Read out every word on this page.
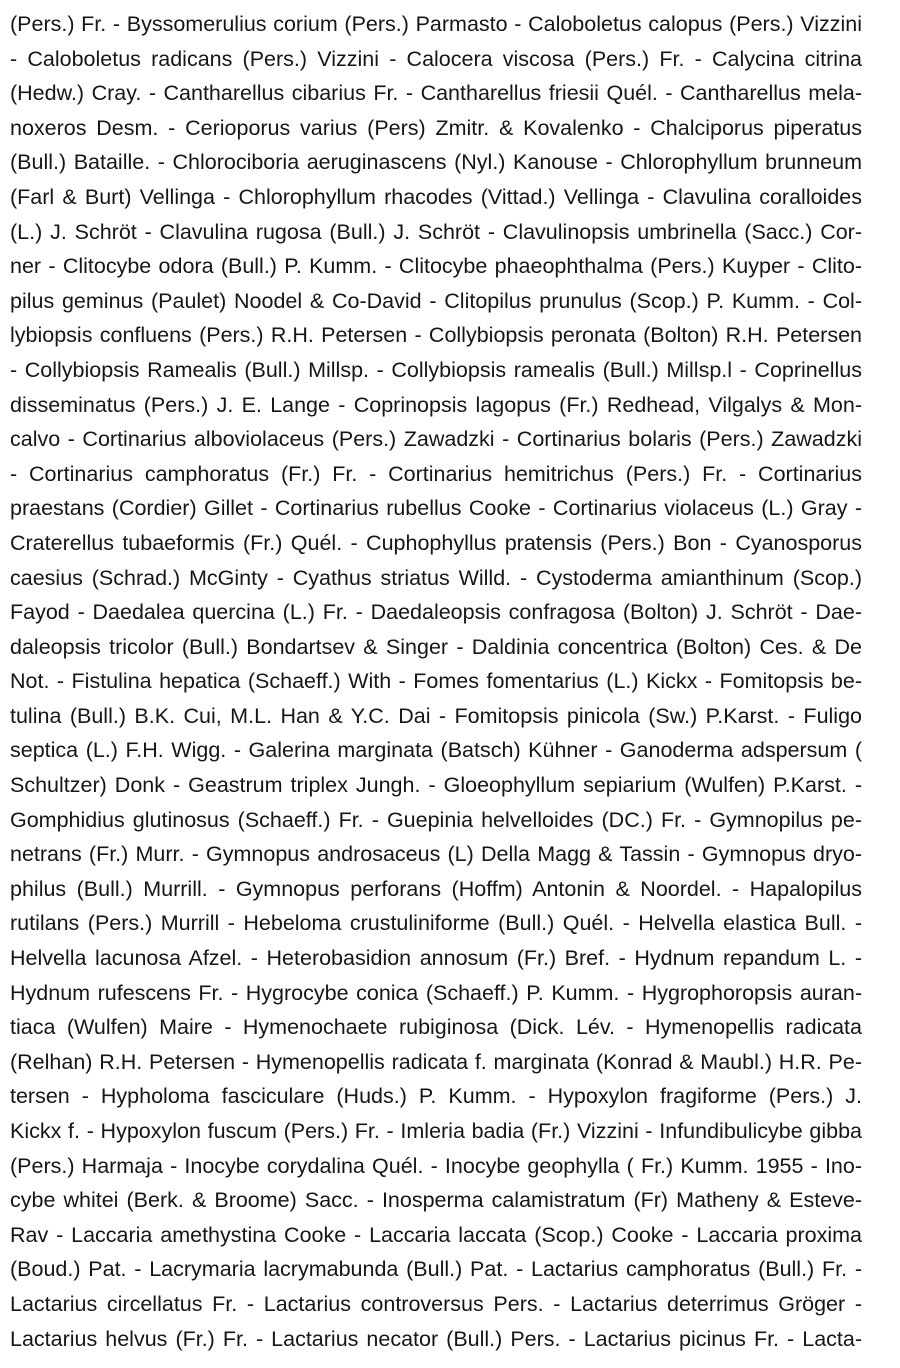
(Pers.) Fr. - Byssomerulius corium (Pers.) Parmasto - Caloboletus calopus (Pers.) Vizzini
- Caloboletus radicans (Pers.) Vizzini - Calocera viscosa (Pers.) Fr. - Calycina citrina
(Hedw.) Cray. - Cantharellus cibarius Fr. - Cantharellus friesii Quél. - Cantharellus mela-
noxeros Desm. - Cerioporus varius (Pers) Zmitr. & Kovalenko - Chalciporus piperatus
(Bull.) Bataille. - Chlorociboria aeruginascens (Nyl.) Kanouse - Chlorophyllum brunneum
(Farl & Burt) Vellinga - Chlorophyllum rhacodes (Vittad.) Vellinga - Clavulina coralloides
(L.) J. Schröt - Clavulina rugosa (Bull.) J. Schröt - Clavulinopsis umbrinella (Sacc.) Cor-
ner - Clitocybe odora (Bull.) P. Kumm. - Clitocybe phaeophthalma (Pers.) Kuyper - Clito-
pilus geminus (Paulet) Noodel & Co-David - Clitopilus prunulus (Scop.) P. Kumm. - Col-
lybiopsis confluens (Pers.) R.H. Petersen - Collybiopsis peronata (Bolton) R.H. Petersen
- Collybiopsis Ramealis (Bull.) Millsp. - Collybiopsis ramealis (Bull.) Millsp.l - Coprinellus
disseminatus (Pers.) J. E. Lange - Coprinopsis lagopus (Fr.) Redhead, Vilgalys & Mon-
calvo - Cortinarius alboviolaceus (Pers.) Zawadzki - Cortinarius bolaris (Pers.) Zawadzki
- Cortinarius camphoratus (Fr.) Fr. - Cortinarius hemitrichus (Pers.) Fr. - Cortinarius
praestans (Cordier) Gillet - Cortinarius rubellus Cooke - Cortinarius violaceus (L.) Gray -
Craterellus tubaeformis (Fr.) Quél. - Cuphophyllus pratensis (Pers.) Bon - Cyanosporus
caesius (Schrad.) McGinty - Cyathus striatus Willd. - Cystoderma amianthinum (Scop.)
Fayod - Daedalea quercina (L.) Fr. - Daedaleopsis confragosa (Bolton) J. Schröt - Dae-
daleopsis tricolor (Bull.) Bondartsev & Singer - Daldinia concentrica (Bolton) Ces. & De
Not. - Fistulina hepatica (Schaeff.) With - Fomes fomentarius (L.) Kickx - Fomitopsis be-
tulina (Bull.) B.K. Cui, M.L. Han & Y.C. Dai - Fomitopsis pinicola (Sw.) P.Karst. - Fuligo
septica (L.) F.H. Wigg. - Galerina marginata (Batsch) Kühner - Ganoderma adspersum (
Schultzer) Donk - Geastrum triplex Jungh. - Gloeophyllum sepiarium (Wulfen) P.Karst. -
Gomphidius glutinosus (Schaeff.) Fr. - Guepinia helvelloides (DC.) Fr. - Gymnopilus pe-
netrans (Fr.) Murr. - Gymnopus androsaceus (L) Della Magg & Tassin - Gymnopus dryo-
philus (Bull.) Murrill. - Gymnopus perforans (Hoffm) Antonin & Noordel. - Hapalopilus
rutilans (Pers.) Murrill - Hebeloma crustuliniforme (Bull.) Quél. - Helvella elastica Bull. -
Helvella lacunosa Afzel. - Heterobasidion annosum (Fr.) Bref. - Hydnum repandum L. -
Hydnum rufescens Fr. - Hygrocybe conica (Schaeff.) P. Kumm. - Hygrophoropsis auran-
tiaca (Wulfen) Maire - Hymenochaete rubiginosa (Dick. Lév. - Hymenopellis radicata
(Relhan) R.H. Petersen - Hymenopellis radicata f. marginata (Konrad & Maubl.) H.R. Pe-
tersen - Hypholoma fasciculare (Huds.) P. Kumm. - Hypoxylon fragiforme (Pers.) J.
Kickx f. - Hypoxylon fuscum (Pers.) Fr. - Imleria badia (Fr.) Vizzini - Infundibulicybe gibba
(Pers.) Harmaja - Inocybe corydalina Quél. - Inocybe geophylla ( Fr.) Kumm. 1955 - Ino-
cybe whitei (Berk. & Broome) Sacc. - Inosperma calamistratum (Fr) Matheny & Esteve-
Rav - Laccaria amethystina Cooke - Laccaria laccata (Scop.) Cooke - Laccaria proxima
(Boud.) Pat. - Lacrymaria lacrymabunda (Bull.) Pat. - Lactarius camphoratus (Bull.) Fr. -
Lactarius circellatus Fr. - Lactarius controversus Pers. - Lactarius deterrimus Gröger -
Lactarius helvus (Fr.) Fr. - Lactarius necator (Bull.) Pers. - Lactarius picinus Fr. - Lacta-
